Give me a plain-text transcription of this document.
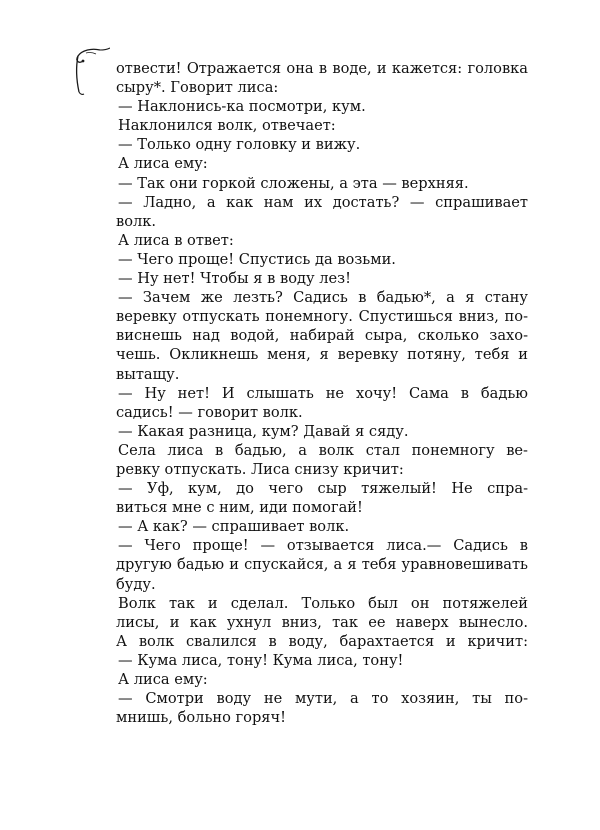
отвести! Отражается она в воде, и кажется: головка
сыру*. Говорит лиса:
— Наклонись-ка посмотри, кум.
Наклонился волк, отвечает:
— Только одну головку и вижу.
А лиса ему:
— Так они горкой сложены, а эта — верхняя.
— Ладно, а как нам их достать? — спрашивает
волк.
А лиса в ответ:
— Чего проще! Спустись да возьми.
— Ну нет! Чтобы я в воду лез!
— Зачем же лезть? Садись в бадью*, а я стану
веревку отпускать понемногу. Спустишься вниз, по-
виснешь над водой, набирай сыра, сколько захо-
чешь. Окликнешь меня, я веревку потяну, тебя и
вытащу.
— Ну нет! И слышать не хочу! Сама в бадью
садись! — говорит волк.
— Какая разница, кум? Давай я сяду.
Села лиса в бадью, а волк стал понемногу ве-
ревку отпускать. Лиса снизу кричит:
— Уф, кум, до чего сыр тяжелый! Не спра-
виться мне с ним, иди помогай!
— А как? — спрашивает волк.
— Чего проще! — отзывается лиса.— Садись в
другую бадью и спускайся, а я тебя уравновешивать
буду.
Волк так и сделал. Только был он потяжелей
лисы, и как ухнул вниз, так ее наверх вынесло.
А волк свалился в воду, барахтается и кричит:
— Кума лиса, тону! Кума лиса, тону!
А лиса ему:
— Смотри воду не мути, а то хозяин, ты по-
мнишь, больно горяч!
